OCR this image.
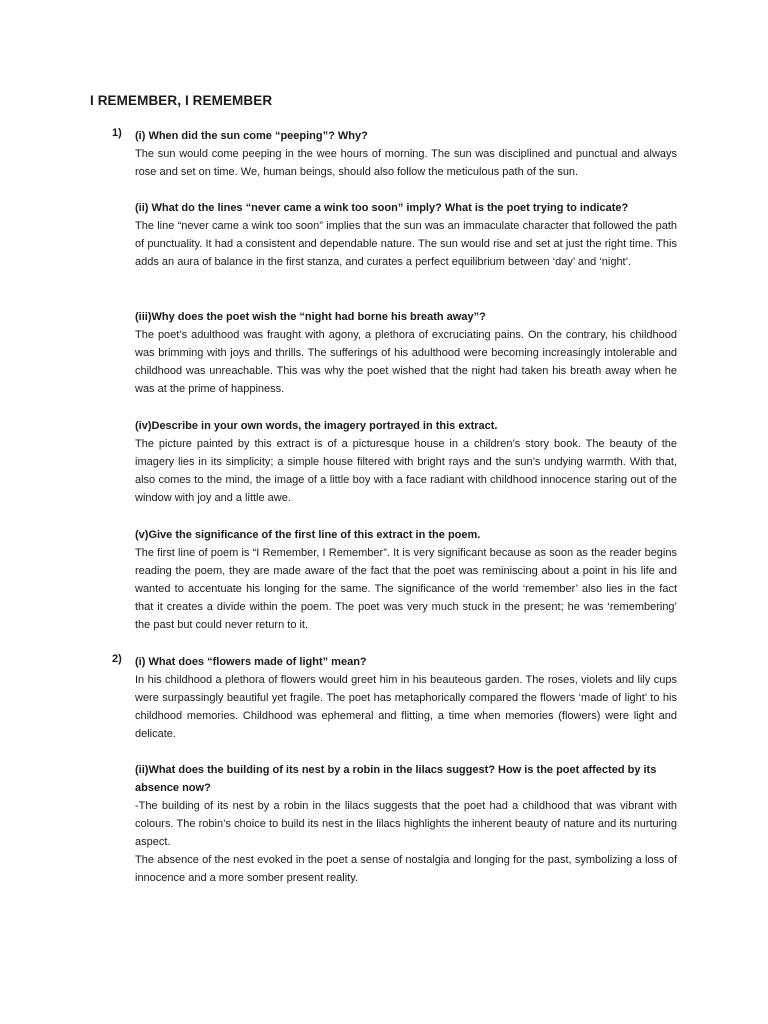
I REMEMBER, I REMEMBER
1) (i) When did the sun come “peeping”? Why?

The sun would come peeping in the wee hours of morning. The sun was disciplined and punctual and always rose and set on time. We, human beings, should also follow the meticulous path of the sun.

(ii) What do the lines “never came a wink too soon” imply? What is the poet trying to indicate?

The line “never came a wink too soon” implies that the sun was an immaculate character that followed the path of punctuality. It had a consistent and dependable nature. The sun would rise and set at just the right time. This adds an aura of balance in the first stanza, and curates a perfect equilibrium between ‘day’ and ‘night’.

(iii)Why does the poet wish the “night had borne his breath away”?

The poet’s adulthood was fraught with agony, a plethora of excruciating pains. On the contrary, his childhood was brimming with joys and thrills. The sufferings of his adulthood were becoming increasingly intolerable and childhood was unreachable. This was why the poet wished that the night had taken his breath away when he was at the prime of happiness.

(iv)Describe in your own words, the imagery portrayed in this extract.

The picture painted by this extract is of a picturesque house in a children’s story book. The beauty of the imagery lies in its simplicity; a simple house filtered with bright rays and the sun’s undying warmth. With that, also comes to the mind, the image of a little boy with a face radiant with childhood innocence staring out of the window with joy and a little awe.

(v)Give the significance of the first line of this extract in the poem.

The first line of poem is “I Remember, I Remember”. It is very significant because as soon as the reader begins reading the poem, they are made aware of the fact that the poet was reminiscing about a point in his life and wanted to accentuate his longing for the same. The significance of the world ‘remember’ also lies in the fact that it creates a divide within the poem. The poet was very much stuck in the present; he was ‘remembering’ the past but could never return to it.

2) (i) What does “flowers made of light” mean?

In his childhood a plethora of flowers would greet him in his beauteous garden. The roses, violets and lily cups were surpassingly beautiful yet fragile. The poet has metaphorically compared the flowers ‘made of light’ to his childhood memories. Childhood was ephemeral and flitting, a time when memories (flowers) were light and delicate.

(ii)What does the building of its nest by a robin in the lilacs suggest? How is the poet affected by its absence now?

-The building of its nest by a robin in the lilacs suggests that the poet had a childhood that was vibrant with colours. The robin’s choice to build its nest in the lilacs highlights the inherent beauty of nature and its nurturing aspect.

The absence of the nest evoked in the poet a sense of nostalgia and longing for the past, symbolizing a loss of innocence and a more somber present reality.
